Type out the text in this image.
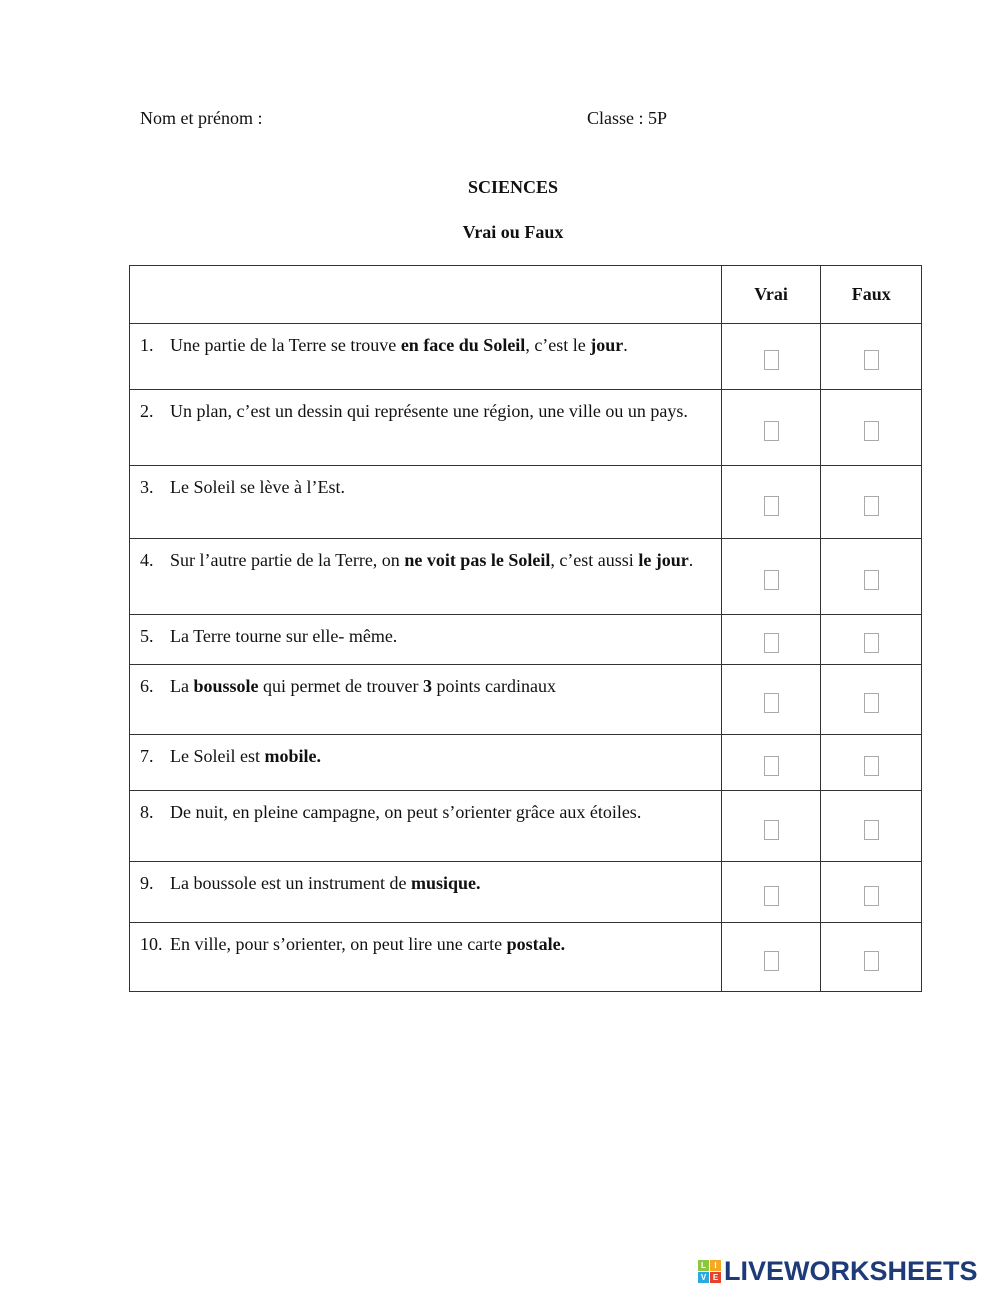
Nom et prénom :	Classe : 5P
SCIENCES
Vrai ou Faux
	Vrai	Faux
1. Une partie de la Terre se trouve en face du Soleil, c’est le jour.		
2. Un plan, c’est un dessin qui représente une région, une ville ou un pays.		
3. Le Soleil se lève à l’Est.		
4. Sur l’autre partie de la Terre, on ne voit pas le Soleil, c’est aussi le jour.		
5. La Terre tourne sur elle- même.		
6. La boussole qui permet de trouver 3 points cardinaux		
7. Le Soleil est mobile.		
8. De nuit, en pleine campagne, on peut s’orienter grâce aux étoiles.		
9. La boussole est un instrument de musique.		
10. En ville, pour s’orienter, on peut lire une carte postale.		
L	I
V E LIVEWORKSHEETS
